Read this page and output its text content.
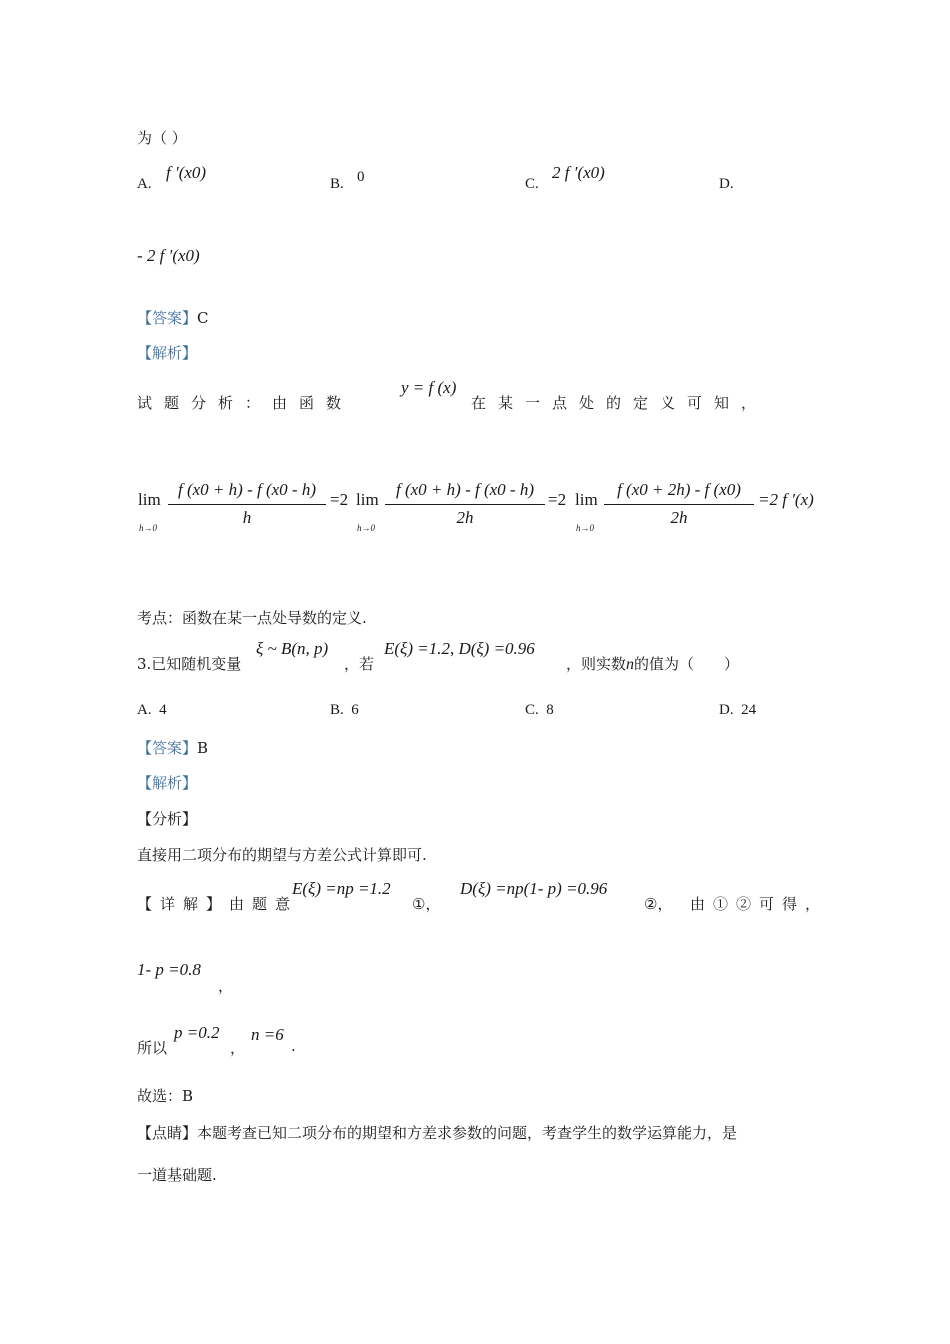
为（ ）
A.
f ′(x0)
B. 0	C.
2 f ′(x0)
D.
- 2 f ′(x0)
【答案】C
【解析】
试题分析：由函数
y = f (x)
在某一点处的定义可知，
lim
$h\to 0 \frac{f (x0 + h) - f (x0 - h)}{h} =2$ lim
$h\to 0 \frac{f (x0 + h) - f (x0 - h)}{2h} =2$ lim
$h\to 0 \frac{f (x0 + 2h) - f (x0)}{2h} =2$ f ′(x)
考点：函数在某一点处导数的定义.
3.已知随机变量
ξ ~ B(n, p)
，若
E(ξ) =1.2, D(ξ) =0.96
，则实数n的值为（　　）
A. 4	B. 6	C. 8	D. 24
【答案】B
【解析】
【分析】
直接用二项分布的期望与方差公式计算即可.
【详解】由题意
E(ξ) =np =1.2
①，
D(ξ) =np(1- p) =0.96
②， 由①②可得，
1- p =0.8
，
所以
p =0.2
，
n =6
.
故选：B
【点睛】本题考查已知二项分布的期望和方差求参数的问题，考查学生的数学运算能力，是
一道基础题.
